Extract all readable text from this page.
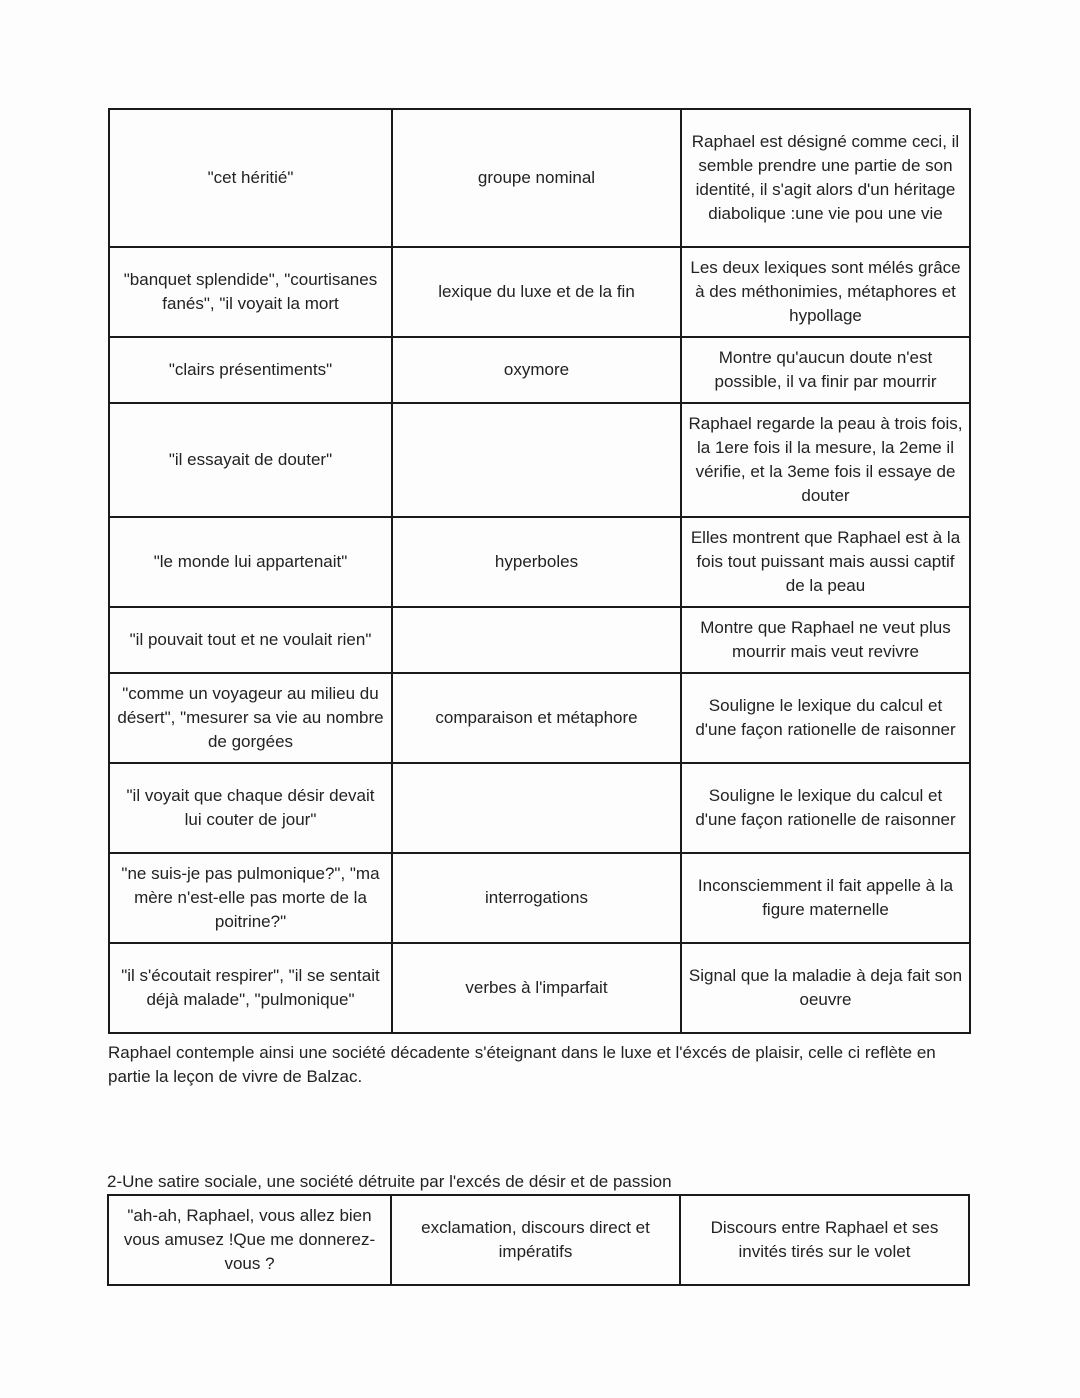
"cet héritié"	groupe nominal	Raphael est désigné comme ceci, il semble prendre une partie de son identité, il s'agit alors d'un héritage diabolique :une vie pou une vie
"banquet splendide", "courtisanes fanés", "il voyait la mort	lexique du luxe et de la fin	Les deux lexiques sont mélés grâce à des méthonimies, métaphores et hypollage
"clairs présentiments"	oxymore	Montre qu'aucun doute n'est possible, il va finir par mourrir
"il essayait de douter"		Raphael regarde la peau à trois fois, la 1ere fois il la mesure, la 2eme il vérifie, et la 3eme fois il essaye de douter
"le monde lui appartenait"	hyperboles	Elles montrent que Raphael est à la fois tout puissant mais aussi captif de la peau
"il pouvait tout et ne voulait rien"		Montre que Raphael ne veut plus mourrir mais veut revivre
"comme un voyageur au milieu du désert", "mesurer sa vie au nombre de gorgées	comparaison et métaphore	Souligne le lexique du calcul et d'une façon rationelle de raisonner
"il voyait que chaque désir devait lui couter de jour"		Souligne le lexique du calcul et d'une façon rationelle de raisonner
"ne suis-je pas pulmonique?", "ma mère n'est-elle pas morte de la poitrine?"	interrogations	Inconsciemment il fait appelle à la figure maternelle
"il s'écoutait respirer", "il se sentait déjà malade", "pulmonique"	verbes à l'imparfait	Signal que la maladie à deja fait son oeuvre

Raphael contemple ainsi une société décadente s'éteignant dans le luxe et l'éxcés de plaisir, celle ci reflète en partie la leçon de vivre de Balzac.

2-Une satire sociale, une société détruite par l'excés de désir et de passion
"ah-ah, Raphael, vous allez bien vous amusez !Que me donnerez-vous ?	exclamation, discours direct et impératifs	Discours entre Raphael et ses invités tirés sur le volet
